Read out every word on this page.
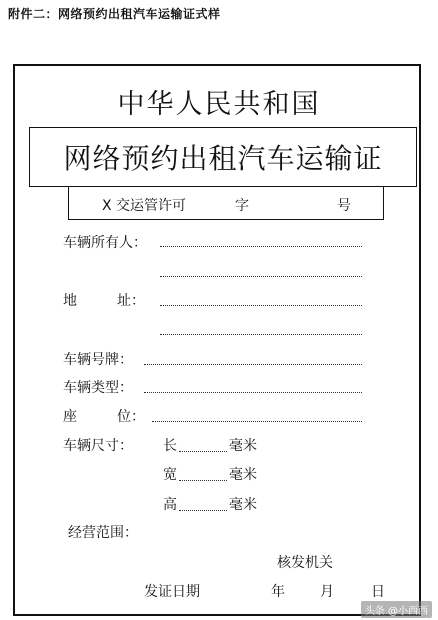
附件二：网络预约出租汽车运输证式样
中华人民共和国
网络预约出租汽车运输证
X 交运管许可	字	号
车辆所有人：
地	址：
车辆号牌：
车辆类型：
座	位：
车辆尺寸： 长	毫米
宽	毫米
高	毫米
经营范围：
核发机关
发证日期	年	月	日
头条 @小西西
